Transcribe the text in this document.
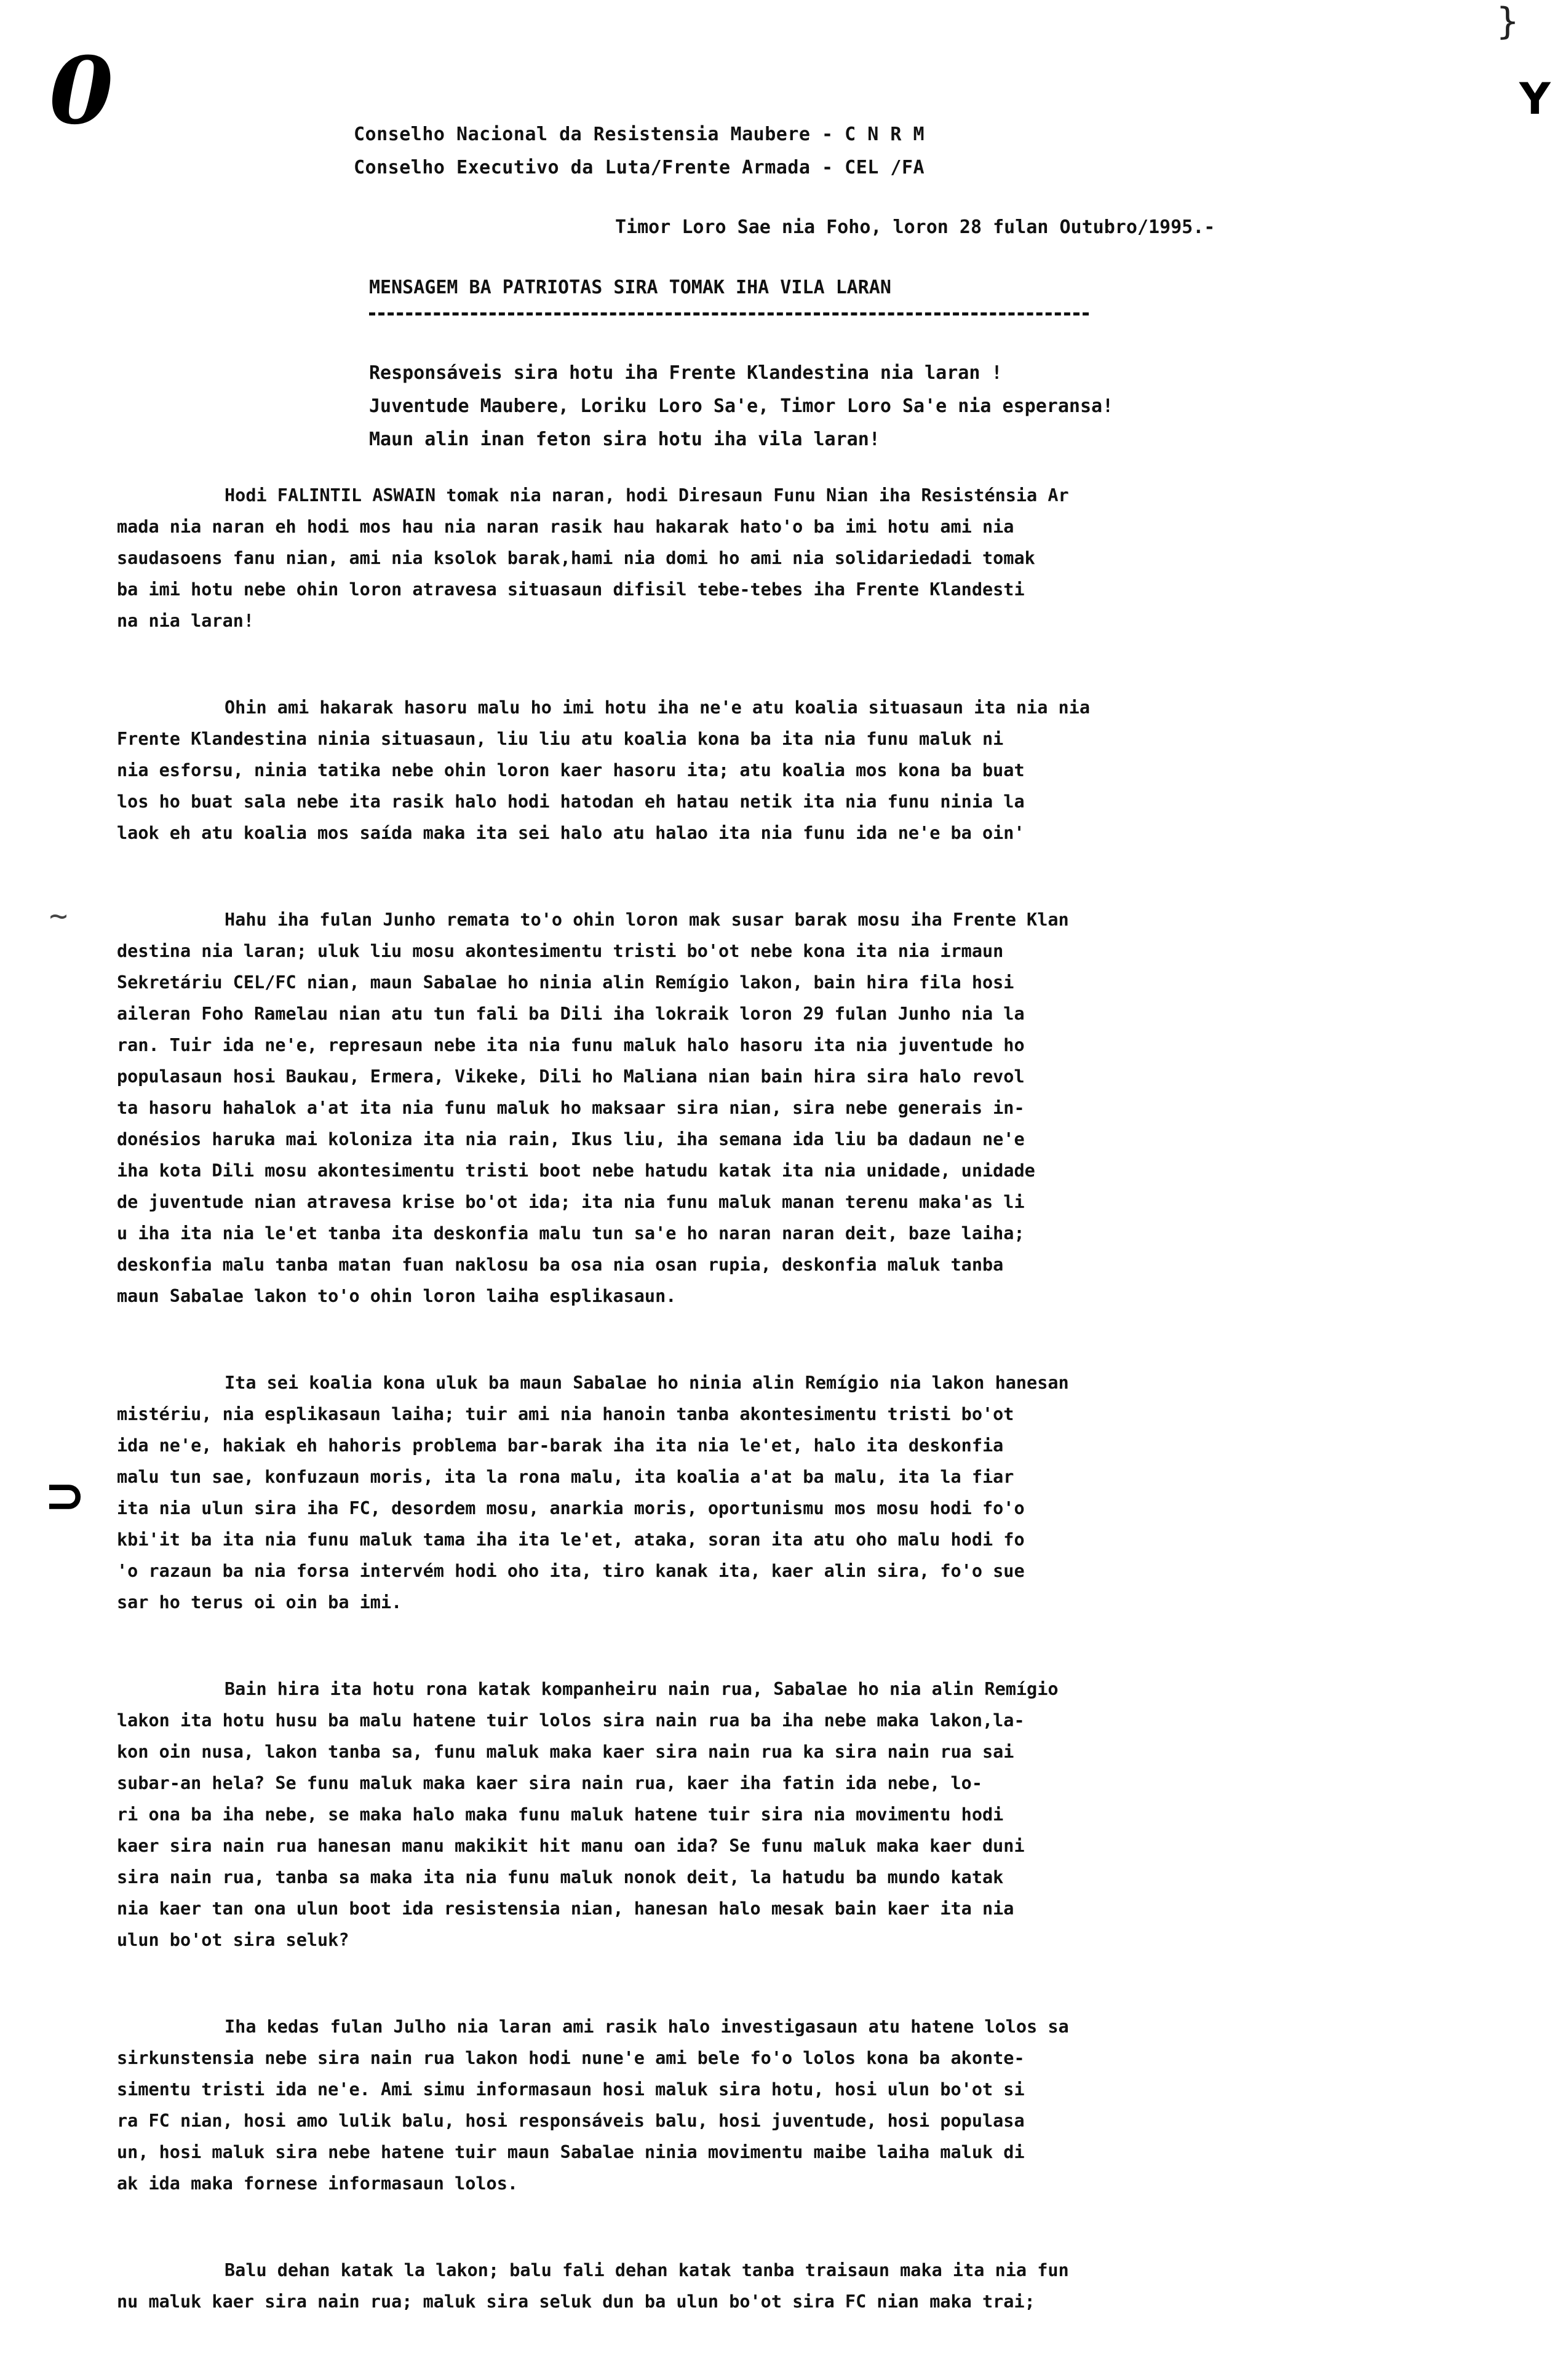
0
}
Y
~
⊃
Conselho Nacional da Resistensia Maubere - C N R M
Conselho Executivo da Luta/Frente Armada - CEL /FA
Timor Loro Sae nia Foho, loron 28 fulan Outubro/1995.-
MENSAGEM BA PATRIOTAS SIRA TOMAK IHA VILA LARAN
Responsáveis sira hotu iha Frente Klandestina nia laran !
Juventude Maubere, Loriku Loro Sa'e, Timor Loro Sa'e nia esperansa!
Maun alin inan feton sira hotu iha vila laran!
Hodi FALINTIL ASWAIN tomak nia naran, hodi Diresaun Funu Nian iha Resisténsia Ar
mada nia naran eh hodi mos hau nia naran rasik hau hakarak hato'o ba imi hotu ami nia
saudasoens fanu nian, ami nia ksolok barak,hami nia domi ho ami nia solidariedadi tomak
ba imi hotu nebe ohin loron atravesa situasaun difisil tebe-tebes iha Frente Klandesti
na nia laran!
Ohin ami hakarak hasoru malu ho imi hotu iha ne'e atu koalia situasaun ita nia nia
Frente Klandestina ninia situasaun, liu liu atu koalia kona ba ita nia funu maluk ni
nia esforsu, ninia tatika nebe ohin loron kaer hasoru ita; atu koalia mos kona ba buat
los ho buat sala nebe ita rasik halo hodi hatodan eh hatau netik ita nia funu ninia la
laok eh atu koalia mos saída maka ita sei halo atu halao ita nia funu ida ne'e ba oin'
Hahu iha fulan Junho remata to'o ohin loron mak susar barak mosu iha Frente Klan
destina nia laran; uluk liu mosu akontesimentu tristi bo'ot nebe kona ita nia irmaun
Sekretáriu CEL/FC nian, maun Sabalae ho ninia alin Remígio lakon, bain hira fila hosi
aileran Foho Ramelau nian atu tun fali ba Dili iha lokraik loron 29 fulan Junho nia la
ran. Tuir ida ne'e, represaun nebe ita nia funu maluk halo hasoru ita nia juventude ho
populasaun hosi Baukau, Ermera, Vikeke, Dili ho Maliana nian bain hira sira halo revol
ta hasoru hahalok a'at ita nia funu maluk ho maksaar sira nian, sira nebe generais in-
donésios haruka mai koloniza ita nia rain, Ikus liu, iha semana ida liu ba dadaun ne'e
iha kota Dili mosu akontesimentu tristi boot nebe hatudu katak ita nia unidade, unidade
de juventude nian atravesa krise bo'ot ida; ita nia funu maluk manan terenu maka'as li
u iha ita nia le'et tanba ita deskonfia malu tun sa'e ho naran naran deit, baze laiha;
deskonfia malu tanba matan fuan naklosu ba osa nia osan rupia, deskonfia maluk tanba
maun Sabalae lakon to'o ohin loron laiha esplikasaun.
Ita sei koalia kona uluk ba maun Sabalae ho ninia alin Remígio nia lakon hanesan
mistériu, nia esplikasaun laiha; tuir ami nia hanoin tanba akontesimentu tristi bo'ot
ida ne'e, hakiak eh hahoris problema bar-barak iha ita nia le'et, halo ita deskonfia
malu tun sae, konfuzaun moris, ita la rona malu, ita koalia a'at ba malu, ita la fiar
ita nia ulun sira iha FC, desordem mosu, anarkia moris, oportunismu mos mosu hodi fo'o
kbi'it ba ita nia funu maluk tama iha ita le'et, ataka, soran ita atu oho malu hodi fo
'o razaun ba nia forsa intervém hodi oho ita, tiro kanak ita, kaer alin sira, fo'o sue
sar ho terus oi oin ba imi.
Bain hira ita hotu rona katak kompanheiru nain rua, Sabalae ho nia alin Remígio
lakon ita hotu husu ba malu hatene tuir lolos sira nain rua ba iha nebe maka lakon,la-
kon oin nusa, lakon tanba sa, funu maluk maka kaer sira nain rua ka sira nain rua sai
subar-an hela? Se funu maluk maka kaer sira nain rua, kaer iha fatin ida nebe, lo-
ri ona ba iha nebe, se maka halo maka funu maluk hatene tuir sira nia movimentu hodi
kaer sira nain rua hanesan manu makikit hit manu oan ida? Se funu maluk maka kaer duni
sira nain rua, tanba sa maka ita nia funu maluk nonok deit, la hatudu ba mundo katak
nia kaer tan ona ulun boot ida resistensia nian, hanesan halo mesak bain kaer ita nia
ulun bo'ot sira seluk?
Iha kedas fulan Julho nia laran ami rasik halo investigasaun atu hatene lolos sa
sirkunstensia nebe sira nain rua lakon hodi nune'e ami bele fo'o lolos kona ba akonte-
simentu tristi ida ne'e. Ami simu informasaun hosi maluk sira hotu, hosi ulun bo'ot si
ra FC nian, hosi amo lulik balu, hosi responsáveis balu, hosi juventude, hosi populasa
un, hosi maluk sira nebe hatene tuir maun Sabalae ninia movimentu maibe laiha maluk di
ak ida maka fornese informasaun lolos.
Balu dehan katak la lakon; balu fali dehan katak tanba traisaun maka ita nia fun
nu maluk kaer sira nain rua; maluk sira seluk dun ba ulun bo'ot sira FC nian maka trai;
